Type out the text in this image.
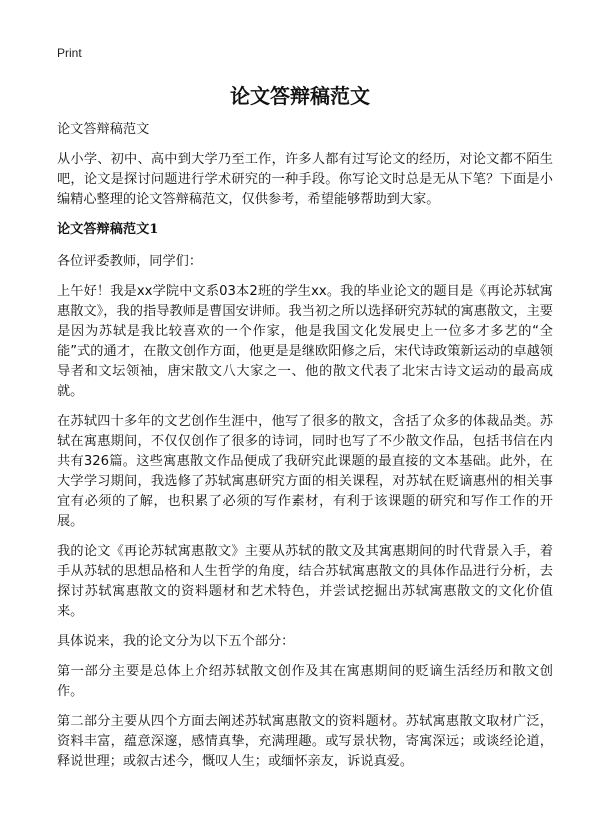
Print
论文答辩稿范文

论文答辩稿范文

从小学、初中、高中到大学乃至工作，许多人都有过写论文的经历，对论文都不陌生吧，论文是探讨问题进行学术研究的一种手段。你写论文时总是无从下笔？下面是小编精心整理的论文答辩稿范文，仅供参考，希望能够帮助到大家。

论文答辩稿范文1

各位评委教师，同学们：

上午好！我是xx学院中文系03本2班的学生xx。我的毕业论文的题目是《再论苏轼寓惠散文》，我的指导教师是曹国安讲师。我当初之所以选择研究苏轼的寓惠散文，主要是因为苏轼是我比较喜欢的一个作家，他是我国文化发展史上一位多才多艺的“全能”式的通才，在散文创作方面，他更是是继欧阳修之后，宋代诗政策新运动的卓越领导者和文坛领袖，唐宋散文八大家之一、他的散文代表了北宋古诗文运动的最高成就。

在苏轼四十多年的文艺创作生涯中，他写了很多的散文，含括了众多的体裁品类。苏轼在寓惠期间，不仅仅创作了很多的诗词，同时也写了不少散文作品，包括书信在内共有326篇。这些寓惠散文作品便成了我研究此课题的最直接的文本基础。此外，在大学学习期间，我选修了苏轼寓惠研究方面的相关课程，对苏轼在贬谪惠州的相关事宜有必须的了解，也积累了必须的写作素材，有利于该课题的研究和写作工作的开展。

我的论文《再论苏轼寓惠散文》主要从苏轼的散文及其寓惠期间的时代背景入手，着手从苏轼的思想品格和人生哲学的角度，结合苏轼寓惠散文的具体作品进行分析，去探讨苏轼寓惠散文的资料题材和艺术特色，并尝试挖掘出苏轼寓惠散文的文化价值来。

具体说来，我的论文分为以下五个部分：

第一部分主要是总体上介绍苏轼散文创作及其在寓惠期间的贬谪生活经历和散文创作。

第二部分主要从四个方面去阐述苏轼寓惠散文的资料题材。苏轼寓惠散文取材广泛，资料丰富，蕴意深邃，感情真挚，充满理趣。或写景状物，寄寓深远；或谈经论道，释说世理；或叙古述今，慨叹人生；或缅怀亲友，诉说真爱。
